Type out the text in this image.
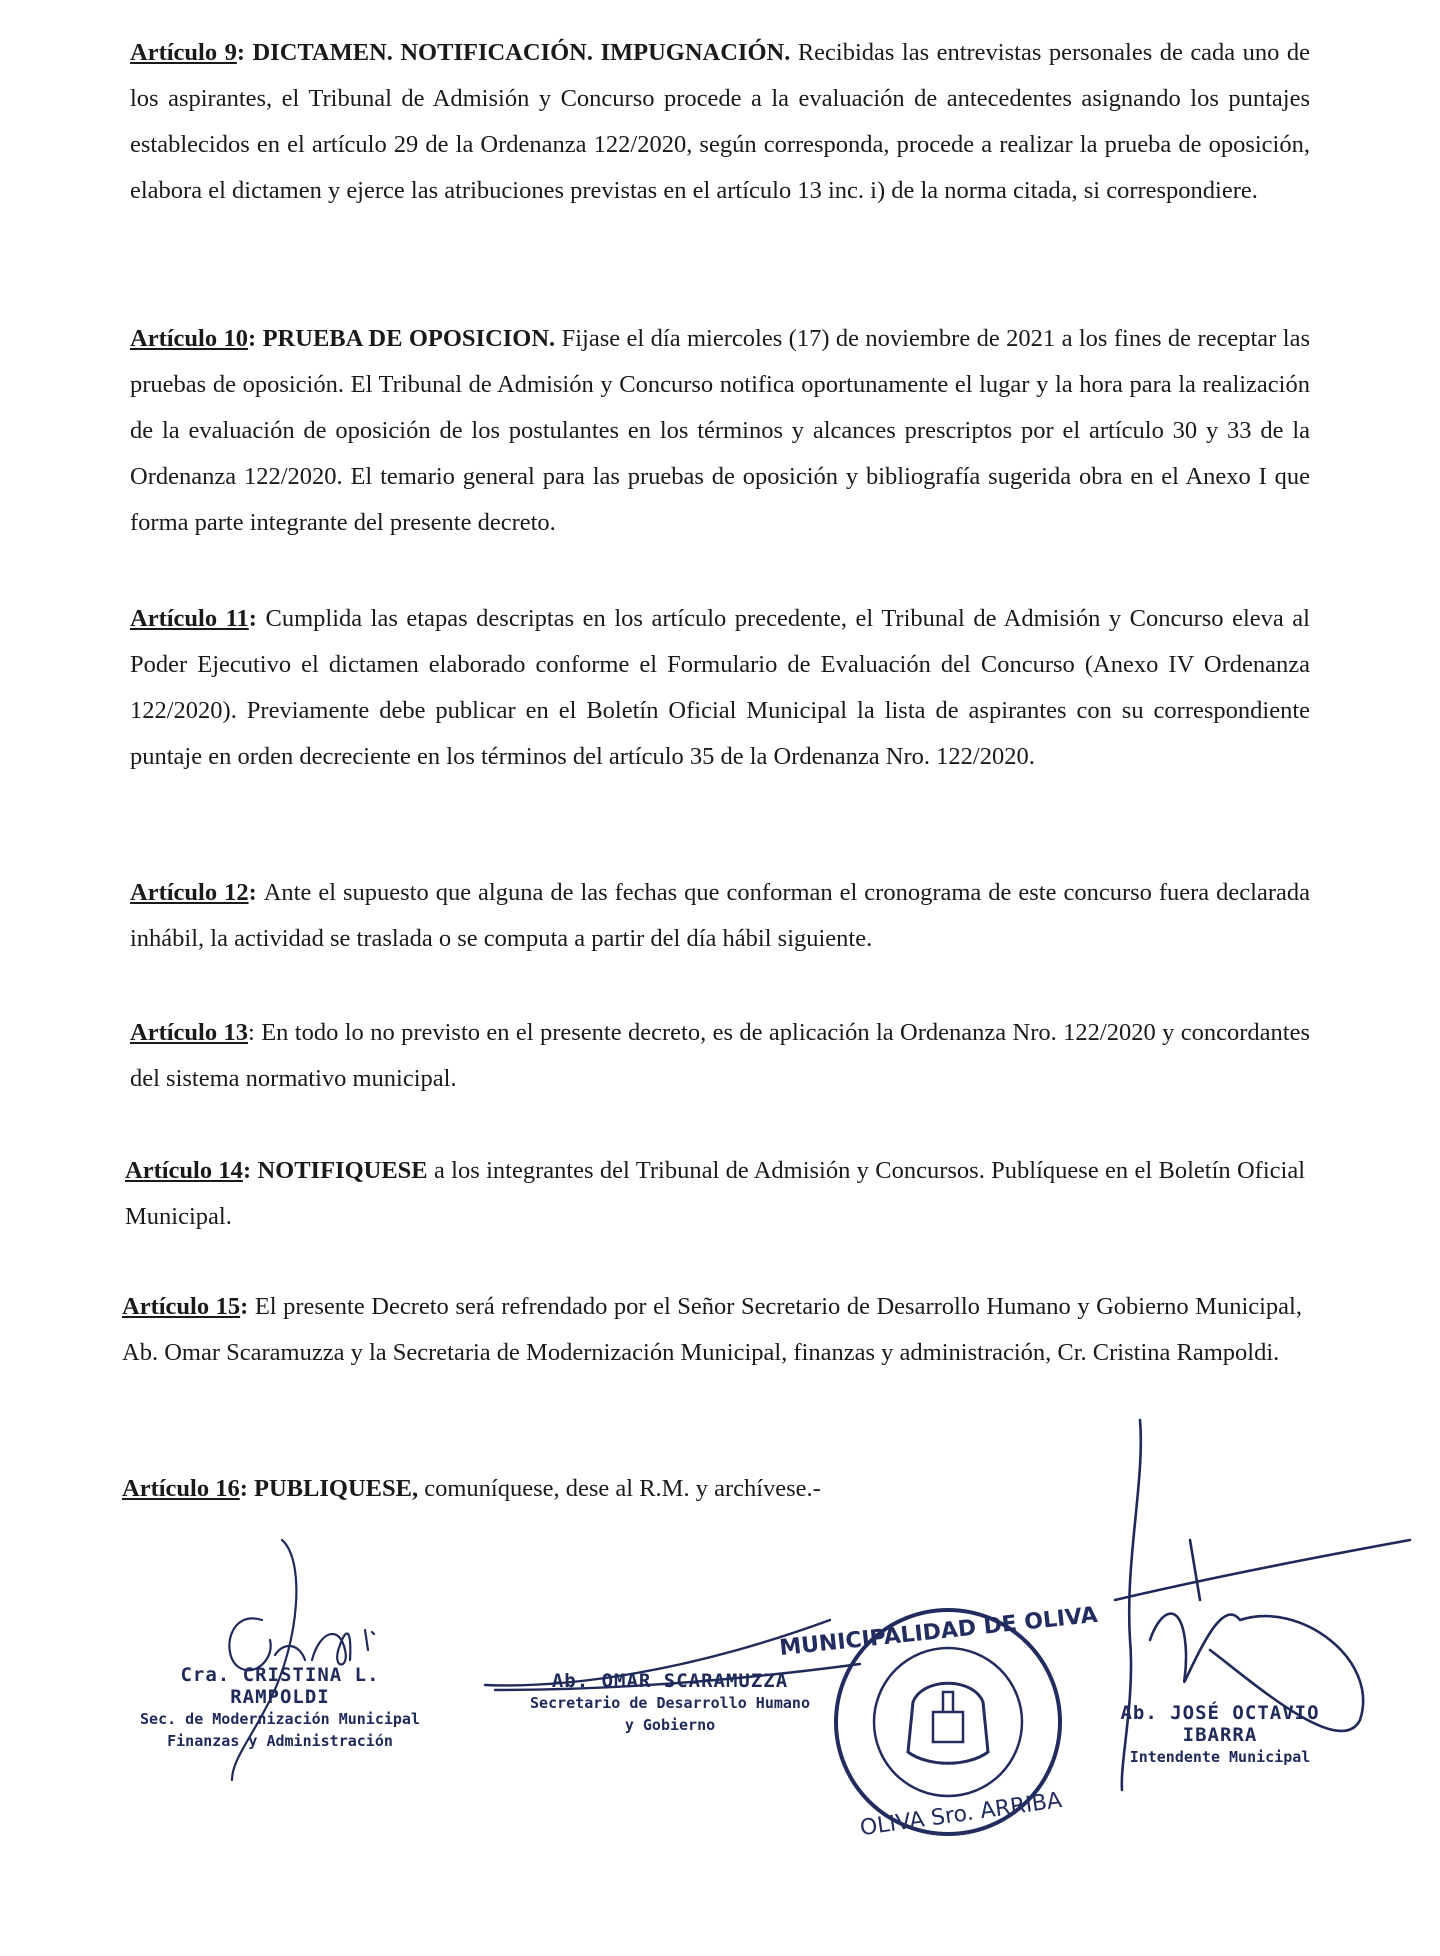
Artículo 9: DICTAMEN. NOTIFICACIÓN. IMPUGNACIÓN. Recibidas las entrevistas personales de cada uno de los aspirantes, el Tribunal de Admisión y Concurso procede a la evaluación de antecedentes asignando los puntajes establecidos en el artículo 29 de la Ordenanza 122/2020, según corresponda, procede a realizar la prueba de oposición, elabora el dictamen y ejerce las atribuciones previstas en el artículo 13 inc. i) de la norma citada, si correspondiere.

Artículo 10: PRUEBA DE OPOSICION. Fijase el día miercoles (17) de noviembre de 2021 a los fines de receptar las pruebas de oposición. El Tribunal de Admisión y Concurso notifica oportunamente el lugar y la hora para la realización de la evaluación de oposición de los postulantes en los términos y alcances prescriptos por el artículo 30 y 33 de la Ordenanza 122/2020. El temario general para las pruebas de oposición y bibliografía sugerida obra en el Anexo I que forma parte integrante del presente decreto.

Artículo 11: Cumplida las etapas descriptas en los artículo precedente, el Tribunal de Admisión y Concurso eleva al Poder Ejecutivo el dictamen elaborado conforme el Formulario de Evaluación del Concurso (Anexo IV Ordenanza 122/2020). Previamente debe publicar en el Boletín Oficial Municipal la lista de aspirantes con su correspondiente puntaje en orden decreciente en los términos del artículo 35 de la Ordenanza Nro. 122/2020.

Artículo 12: Ante el supuesto que alguna de las fechas que conforman el cronograma de este concurso fuera declarada inhábil, la actividad se traslada o se computa a partir del día hábil siguiente.

Artículo 13: En todo lo no previsto en el presente decreto, es de aplicación la Ordenanza Nro. 122/2020 y concordantes del sistema normativo municipal.

Artículo 14: NOTIFIQUESE a los integrantes del Tribunal de Admisión y Concursos. Publíquese en el Boletín Oficial Municipal.

Artículo 15: El presente Decreto será refrendado por el Señor Secretario de Desarrollo Humano y Gobierno Municipal, Ab. Omar Scaramuzza y la Secretaria de Modernización Municipal, finanzas y administración, Cr. Cristina Rampoldi.

Artículo 16: PUBLIQUESE, comuníquese, dese al R.M. y archívese.-

MUNICIPALIDAD DE OLIVA
OLIVA Sro. ARRIBA
Cra. CRISTINA L. RAMPOLDI
Sec. de Modernización Municipal
Finanzas y Administración
Ab. OMAR SCARAMUZZA
Secretario de Desarrollo Humano
y Gobierno
Ab. JOSÉ OCTAVIO IBARRA
Intendente Municipal
